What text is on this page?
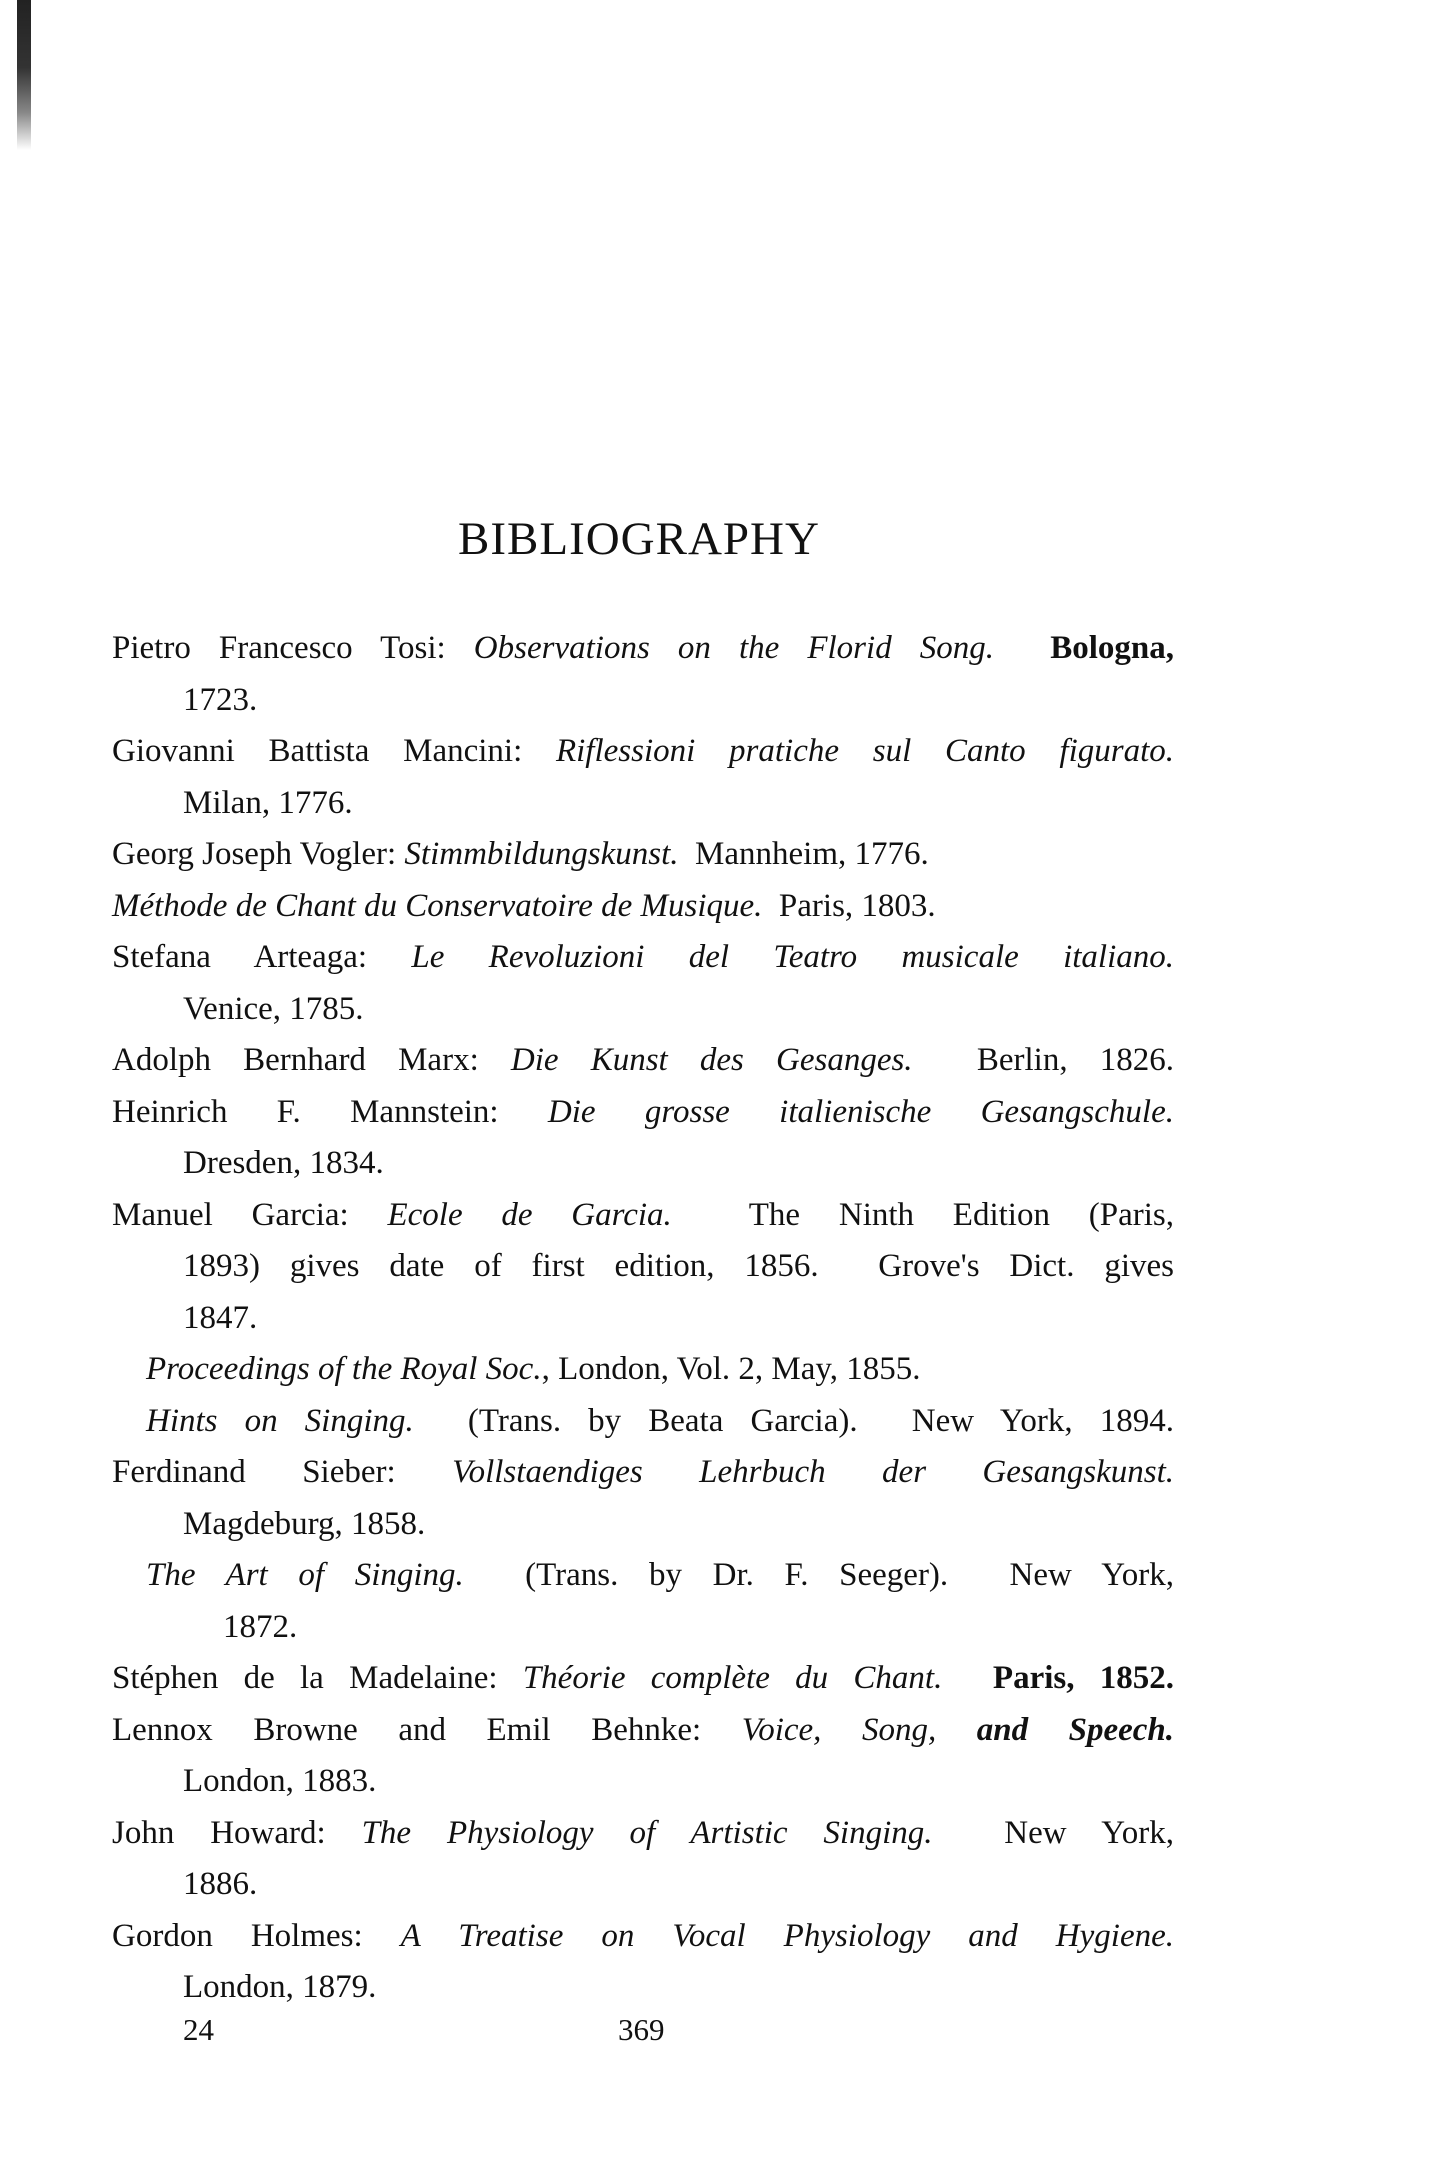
BIBLIOGRAPHY
Pietro Francesco Tosi: Observations on the Florid Song.  Bologna,
1723.
Giovanni Battista Mancini: Riflessioni pratiche sul Canto figurato.
Milan, 1776.
Georg Joseph Vogler: Stimmbildungskunst.  Mannheim, 1776.
Méthode de Chant du Conservatoire de Musique.  Paris, 1803.
Stefana Arteaga: Le Revoluzioni del Teatro musicale italiano.
Venice, 1785.
Adolph Bernhard Marx: Die Kunst des Gesanges.  Berlin, 1826.
Heinrich F. Mannstein: Die grosse italienische Gesangschule.
Dresden, 1834.
Manuel Garcia: Ecole de Garcia.  The Ninth Edition (Paris,
1893) gives date of first edition, 1856.  Grove's Dict. gives
1847.
Proceedings of the Royal Soc., London, Vol. 2, May, 1855.
Hints on Singing.  (Trans. by Beata Garcia).  New York, 1894.
Ferdinand Sieber: Vollstaendiges Lehrbuch der Gesangskunst.
Magdeburg, 1858.
The Art of Singing.  (Trans. by Dr. F. Seeger).  New York,
1872.
Stéphen de la Madelaine: Théorie complète du Chant.  Paris, 1852.
Lennox Browne and Emil Behnke: Voice, Song, and Speech.
London, 1883.
John Howard: The Physiology of Artistic Singing.  New York,
1886.
Gordon Holmes: A Treatise on Vocal Physiology and Hygiene.
London, 1879.
24	369
